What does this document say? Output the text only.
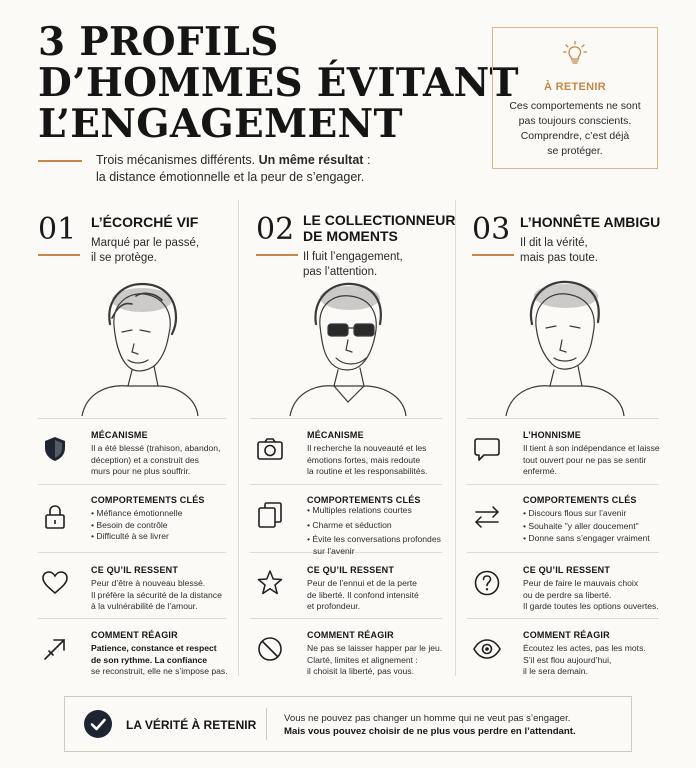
3 PROFILS
D’HOMMES ÉVITANT
L’ENGAGEMENT
Trois mécanismes différents. Un même résultat :
la distance émotionnelle et la peur de s’engager.
À RETENIR
Ces comportements ne sont
pas toujours conscients.
Comprendre, c’est déjà
se protéger.
01 L’ÉCORCHÉ VIF
Marqué par le passé,
il se protège.
02 LE COLLECTIONNEUR
DE MOMENTS
Il fuit l’engagement,
pas l’attention.
03 L’HONNÊTE AMBIGU
Il dit la vérité,
mais pas toute.
MÉCANISME
Il a été blessé (trahison, abandon,
déception) et a construit des
murs pour ne plus souffrir.
COMPORTEMENTS CLÉS
• Méfiance émotionnelle
• Besoin de contrôle
• Difficulté à se livrer
CE QU’IL RESSENT
Peur d’être à nouveau blessé.
Il préfère la sécurité de la distance
à la vulnérabilité de l’amour.
COMMENT RÉAGIR
Patience, constance et respect
de son rythme. La confiance
se reconstruit, elle ne s’impose pas.
MÉCANISME
Il recherche la nouveauté et les
émotions fortes, mais redoute
la routine et les responsabilités.
COMPORTEMENTS CLÉS
• Multiples relations courtes
• Charme et séduction
• Évite les conversations profondes sur l’avenir
CE QU’IL RESSENT
Peur de l’ennui et de la perte
de liberté. Il confond intensité
et profondeur.
COMMENT RÉAGIR
Ne pas se laisser happer par le jeu.
Clarté, limites et alignement :
il choisit la liberté, pas vous.
L’HONNISME
Il tient à son indépendance et laisse
tout ouvert pour ne pas se sentir
enfermé.
COMPORTEMENTS CLÉS
• Discours flous sur l’avenir
• Souhaite "y aller doucement"
• Donne sans s’engager vraiment
CE QU’IL RESSENT
Peur de faire le mauvais choix
ou de perdre sa liberté.
Il garde toutes les options ouvertes.
COMMENT RÉAGIR
Écoutez les actes, pas les mots.
S’il est flou aujourd’hui,
il le sera demain.
LA VÉRITÉ À RETENIR	Vous ne pouvez pas changer un homme qui ne veut pas s’engager.
Mais vous pouvez choisir de ne plus vous perdre en l’attendant.
